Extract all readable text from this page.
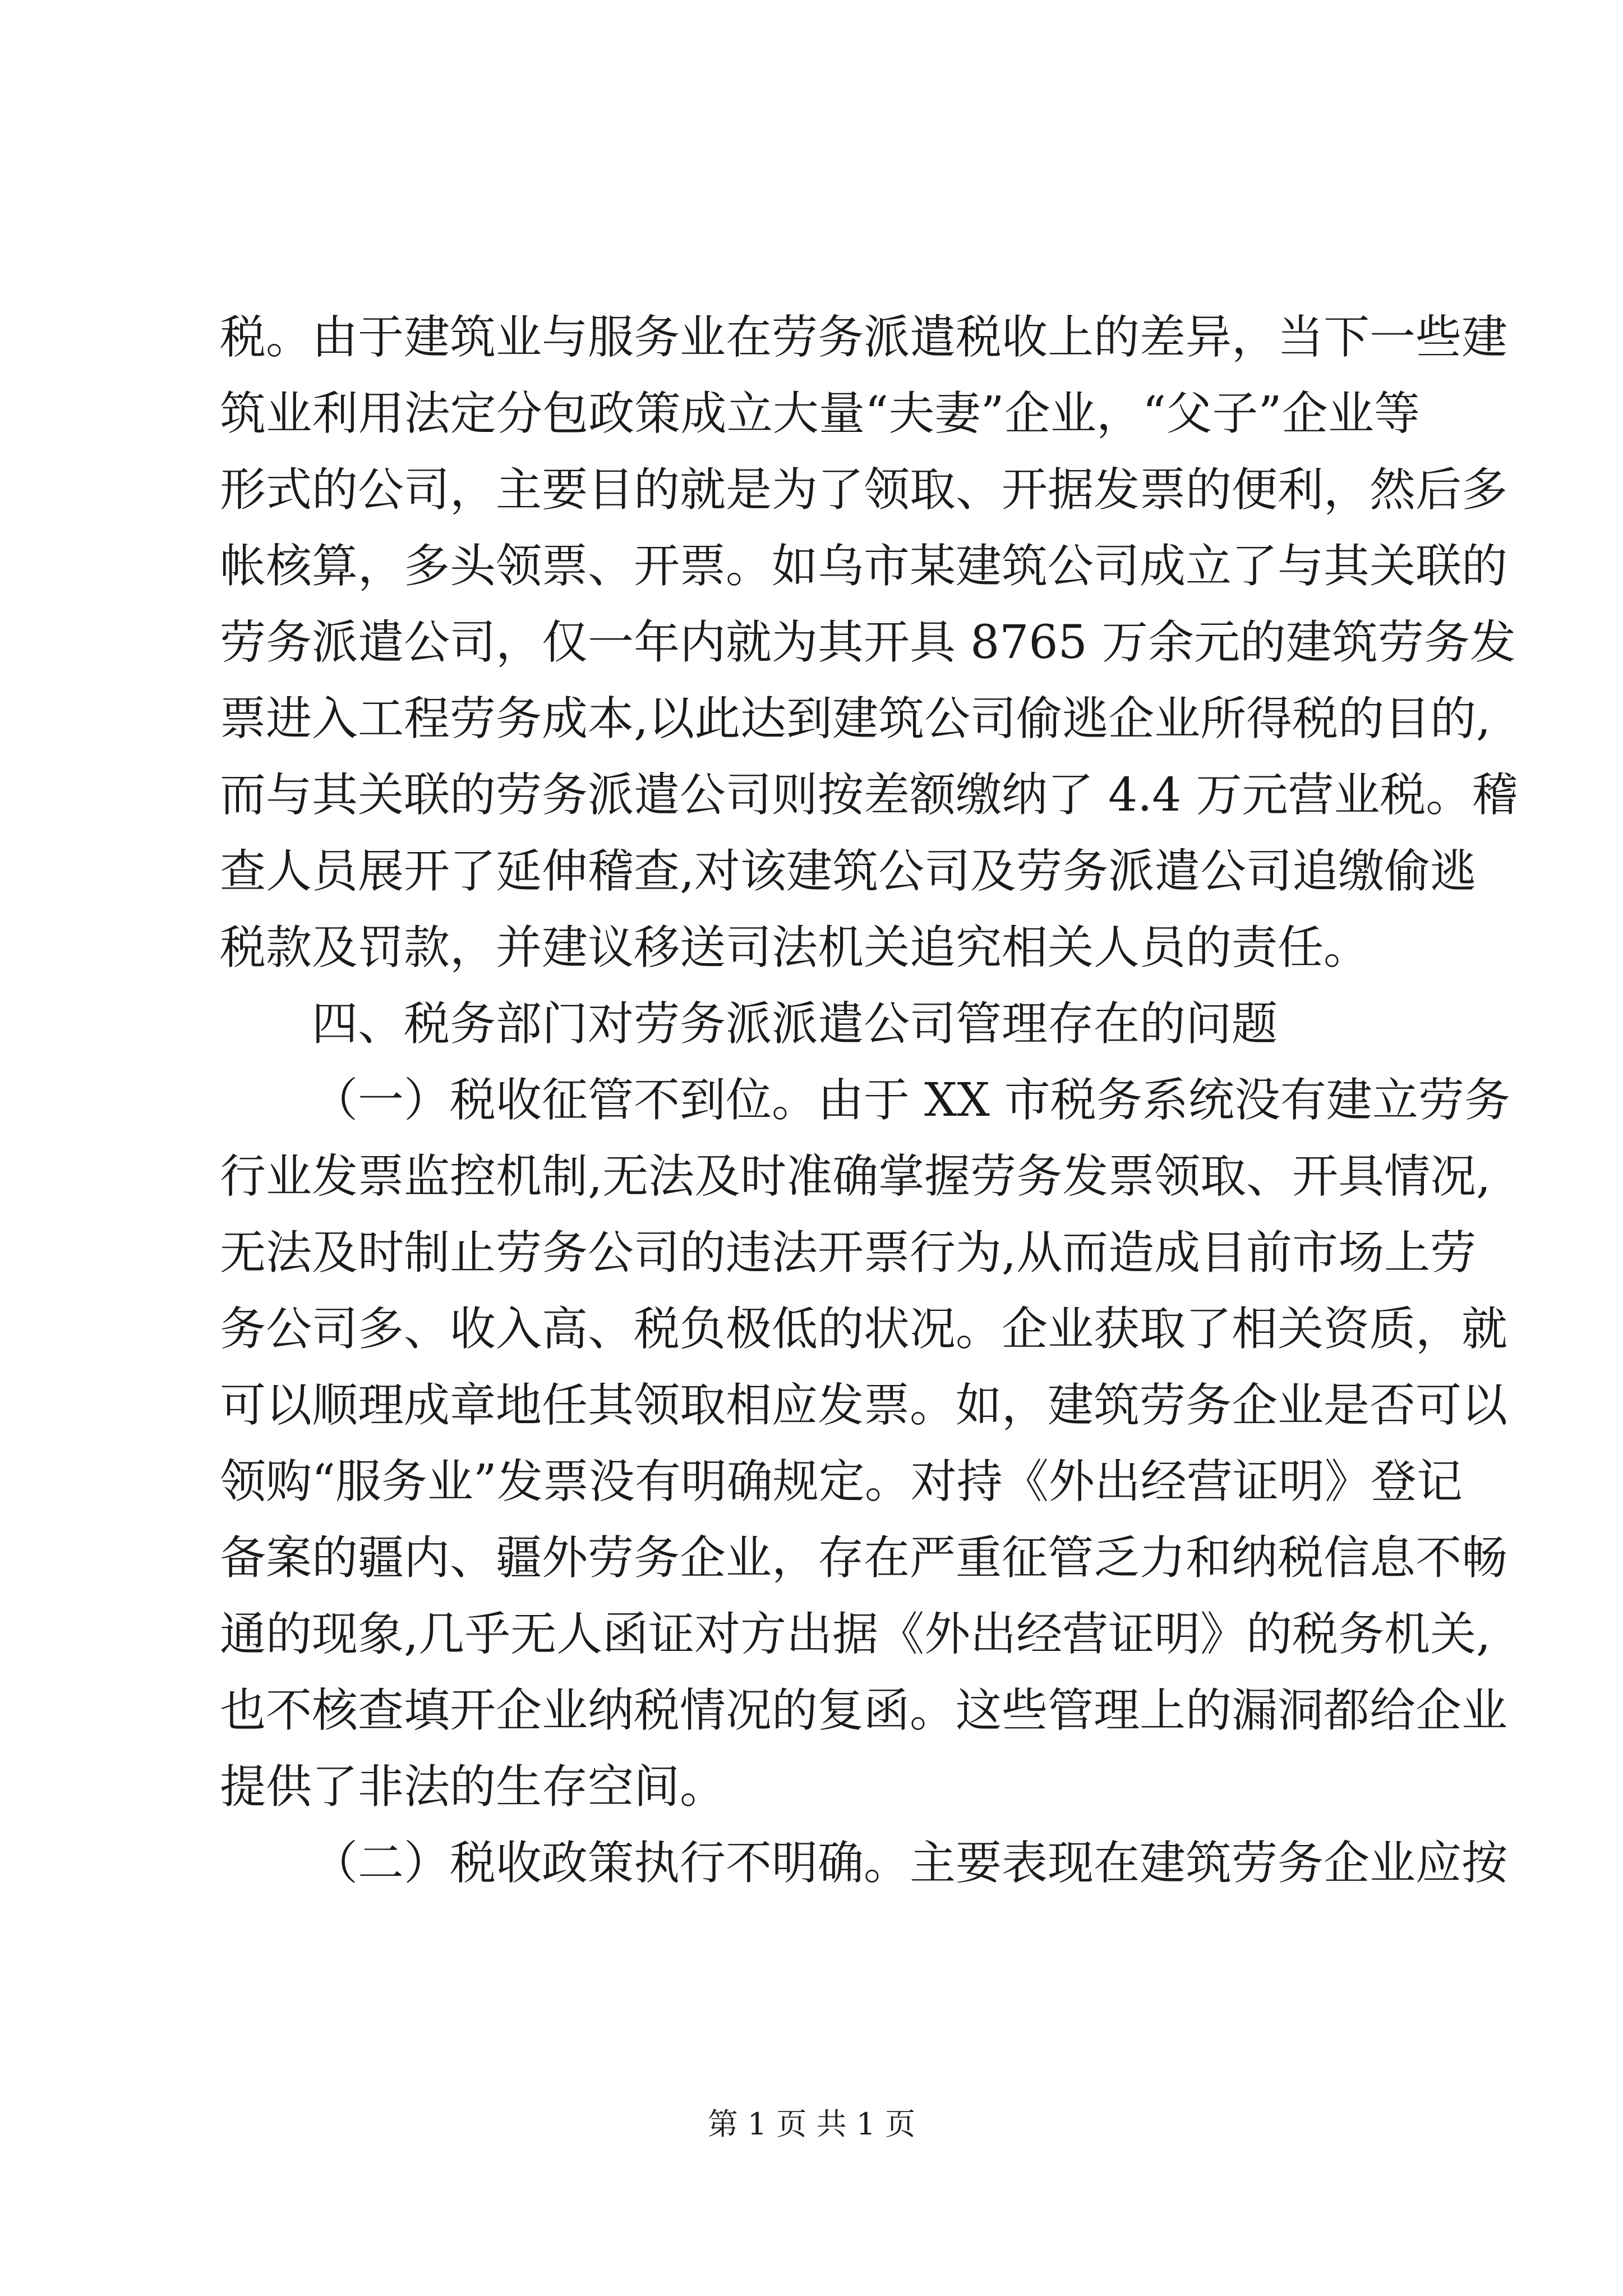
税。由于建筑业与服务业在劳务派遣税收上的差异，当下一些建
筑业利用法定分包政策成立大量“夫妻”企业，“父子”企业等
形式的公司，主要目的就是为了领取、开据发票的便利，然后多
帐核算，多头领票、开票。如乌市某建筑公司成立了与其关联的
劳务派遣公司，仅一年内就为其开具 8765 万余元的建筑劳务发
票进入工程劳务成本,以此达到建筑公司偷逃企业所得税的目的,
而与其关联的劳务派遣公司则按差额缴纳了 4.4 万元营业税。稽
查人员展开了延伸稽查,对该建筑公司及劳务派遣公司追缴偷逃
税款及罚款，并建议移送司法机关追究相关人员的责任。
四、税务部门对劳务派派遣公司管理存在的问题
（一）税收征管不到位。由于 XX 市税务系统没有建立劳务
行业发票监控机制,无法及时准确掌握劳务发票领取、开具情况,
无法及时制止劳务公司的违法开票行为,从而造成目前市场上劳
务公司多、收入高、税负极低的状况。企业获取了相关资质，就
可以顺理成章地任其领取相应发票。如，建筑劳务企业是否可以
领购“服务业”发票没有明确规定。对持《外出经营证明》登记
备案的疆内、疆外劳务企业，存在严重征管乏力和纳税信息不畅
通的现象,几乎无人函证对方出据《外出经营证明》的税务机关,
也不核查填开企业纳税情况的复函。这些管理上的漏洞都给企业
提供了非法的生存空间。
（二）税收政策执行不明确。主要表现在建筑劳务企业应按
第 1 页 共 1 页
